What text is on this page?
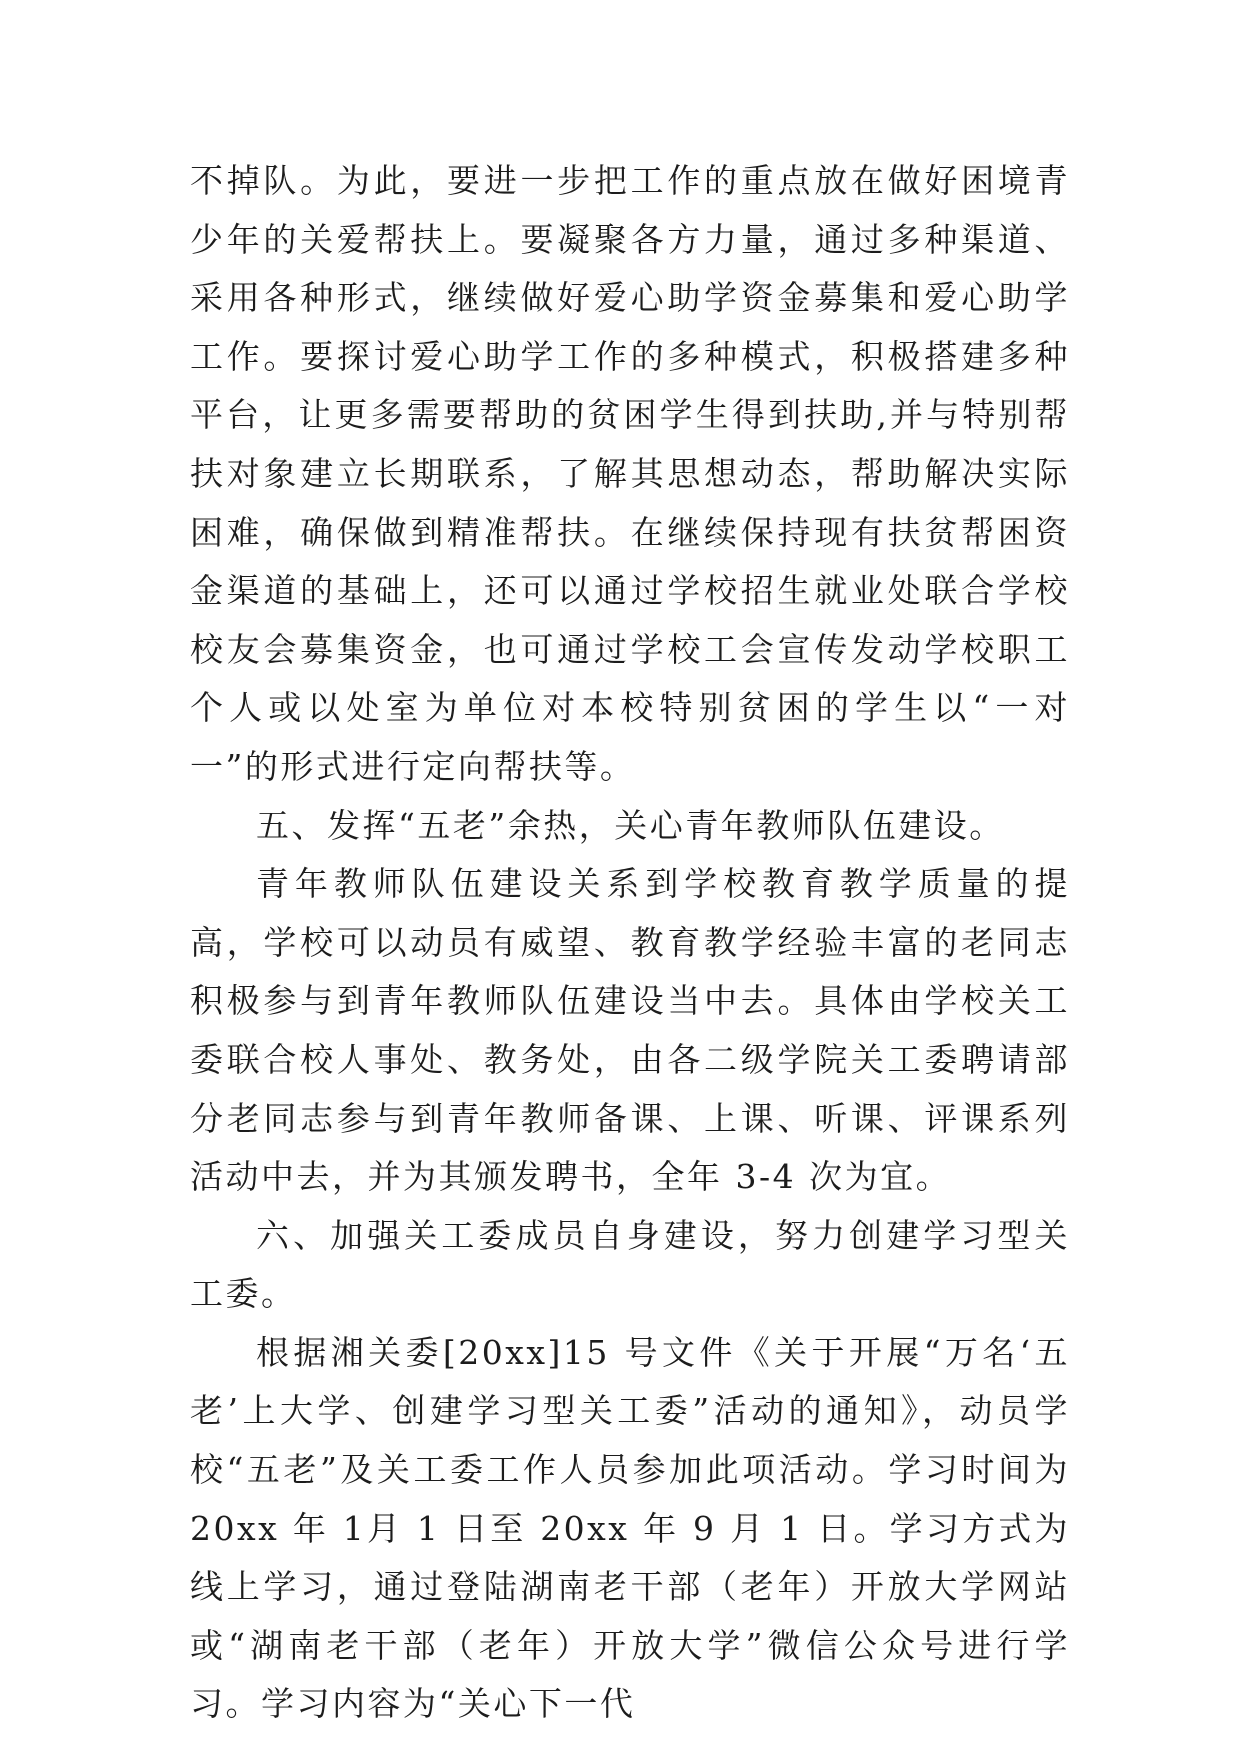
不掉队。为此，要进一步把工作的重点放在做好困境青少年的关爱帮扶上。要凝聚各方力量，通过多种渠道、采用各种形式，继续做好爱心助学资金募集和爱心助学工作。要探讨爱心助学工作的多种模式，积极搭建多种平台，让更多需要帮助的贫困学生得到扶助,并与特别帮扶对象建立长期联系，了解其思想动态，帮助解决实际困难，确保做到精准帮扶。在继续保持现有扶贫帮困资金渠道的基础上，还可以通过学校招生就业处联合学校校友会募集资金，也可通过学校工会宣传发动学校职工个人或以处室为单位对本校特别贫困的学生以“一对一”的形式进行定向帮扶等。

五、发挥“五老”余热，关心青年教师队伍建设。

青年教师队伍建设关系到学校教育教学质量的提高，学校可以动员有威望、教育教学经验丰富的老同志积极参与到青年教师队伍建设当中去。具体由学校关工委联合校人事处、教务处，由各二级学院关工委聘请部分老同志参与到青年教师备课、上课、听课、评课系列活动中去，并为其颁发聘书，全年 3-4 次为宜。

六、加强关工委成员自身建设，努力创建学习型关工委。

根据湘关委[20xx]15 号文件《关于开展“万名‘五老’上大学、创建学习型关工委”活动的通知》，动员学校“五老”及关工委工作人员参加此项活动。学习时间为 20xx 年 1月 1 日至 20xx 年 9 月 1 日。学习方式为线上学习，通过登陆湖南老干部（老年）开放大学网站或“湖南老干部（老年）开放大学”微信公众号进行学习。学习内容为“关心下一代
